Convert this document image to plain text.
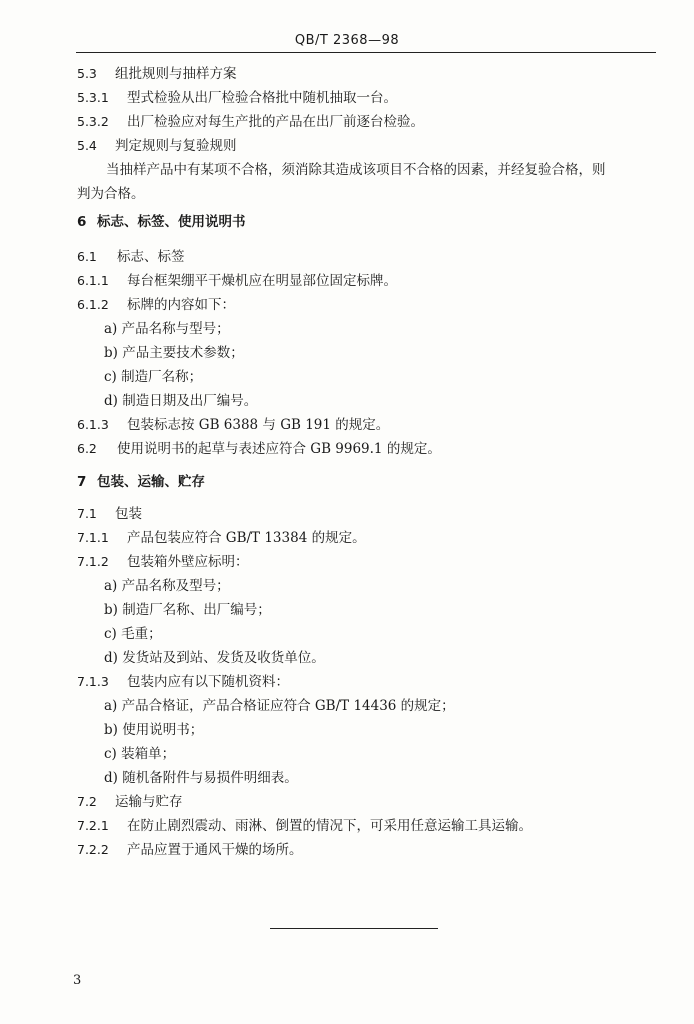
QB/T 2368—98
5.3 组批规则与抽样方案
5.3.1 型式检验从出厂检验合格批中随机抽取一台。
5.3.2 出厂检验应对每生产批的产品在出厂前逐台检验。
5.4 判定规则与复验规则
当抽样产品中有某项不合格，须消除其造成该项目不合格的因素，并经复验合格，则
判为合格。
6 标志、标签、使用说明书
6.1 标志、标签
6.1.1 每台框架绷平干燥机应在明显部位固定标牌。
6.1.2 标牌的内容如下：
a) 产品名称与型号；
b) 产品主要技术参数；
c) 制造厂名称；
d) 制造日期及出厂编号。
6.1.3 包装标志按 GB 6388 与 GB 191 的规定。
6.2 使用说明书的起草与表述应符合 GB 9969.1 的规定。
7 包装、运输、贮存
7.1 包装
7.1.1 产品包装应符合 GB/T 13384 的规定。
7.1.2 包装箱外壁应标明：
a) 产品名称及型号；
b) 制造厂名称、出厂编号；
c) 毛重；
d) 发货站及到站、发货及收货单位。
7.1.3 包装内应有以下随机资料：
a) 产品合格证，产品合格证应符合 GB/T 14436 的规定；
b) 使用说明书；
c) 装箱单；
d) 随机备附件与易损件明细表。
7.2 运输与贮存
7.2.1 在防止剧烈震动、雨淋、倒置的情况下，可采用任意运输工具运输。
7.2.2 产品应置于通风干燥的场所。
3
